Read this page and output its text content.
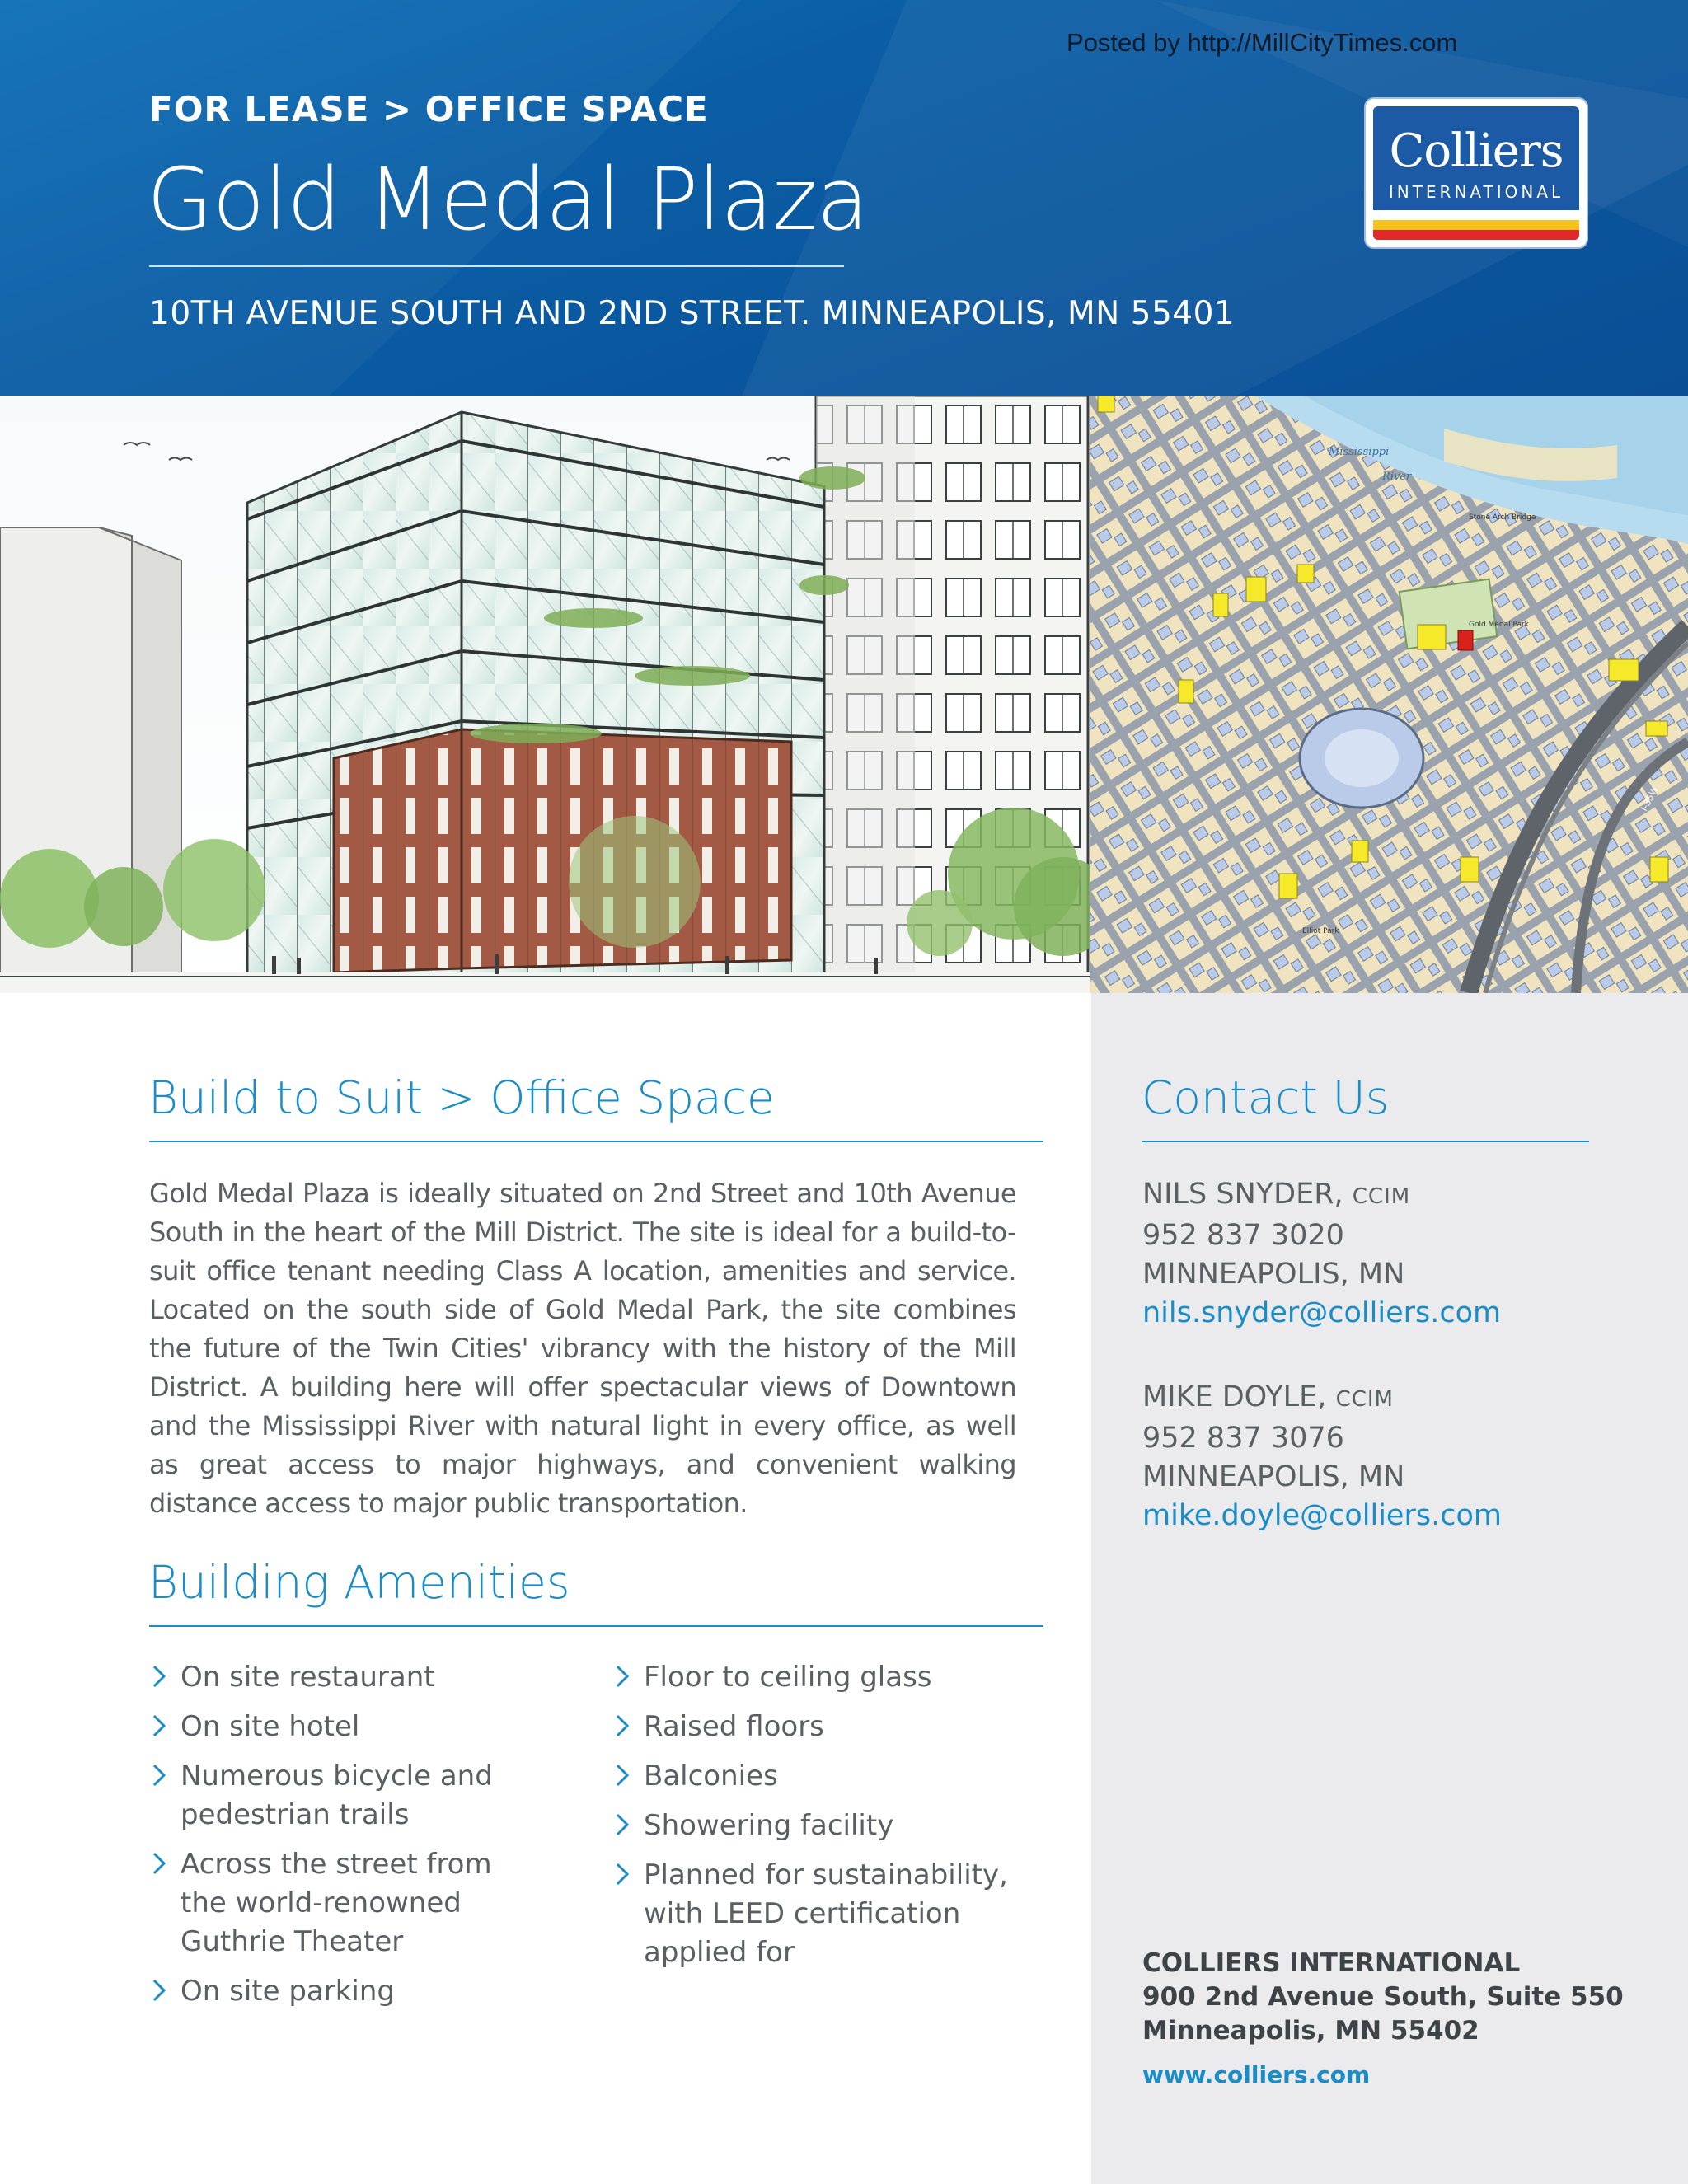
Posted by http://MillCityTimes.com
FOR LEASE > OFFICE SPACE
Gold Medal Plaza
10TH AVENUE SOUTH AND 2ND STREET. MINNEAPOLIS, MN 55401
Colliers
INTERNATIONAL
Mississippi
River
Stone Arch Bridge
Gold Medal Park
I-35W
Elliot Park
Build to Suit > Office Space
Gold Medal Plaza is ideally situated on 2nd Street and 10th Avenue South in the heart of the Mill District. The site is ideal for a build-to-suit office tenant needing Class A location, amenities and service. Located on the south side of Gold Medal Park, the site combines the future of the Twin Cities' vibrancy with the history of the Mill District. A building here will offer spectacular views of Downtown and the Mississippi River with natural light in every office, as well as great access to major highways, and convenient walking distance access to major public transportation.
Building Amenities
On site restaurant
On site hotel
Numerous bicycle and pedestrian trails
Across the street from the world-renowned Guthrie Theater
On site parking
Floor to ceiling glass
Raised floors
Balconies
Showering facility
Planned for sustainability, with LEED certification applied for
Contact Us
NILS SNYDER, CCIM
952 837 3020
MINNEAPOLIS, MN
nils.snyder@colliers.com
MIKE DOYLE, CCIM
952 837 3076
MINNEAPOLIS, MN
mike.doyle@colliers.com
COLLIERS INTERNATIONAL
900 2nd Avenue South, Suite 550
Minneapolis, MN 55402
www.colliers.com
